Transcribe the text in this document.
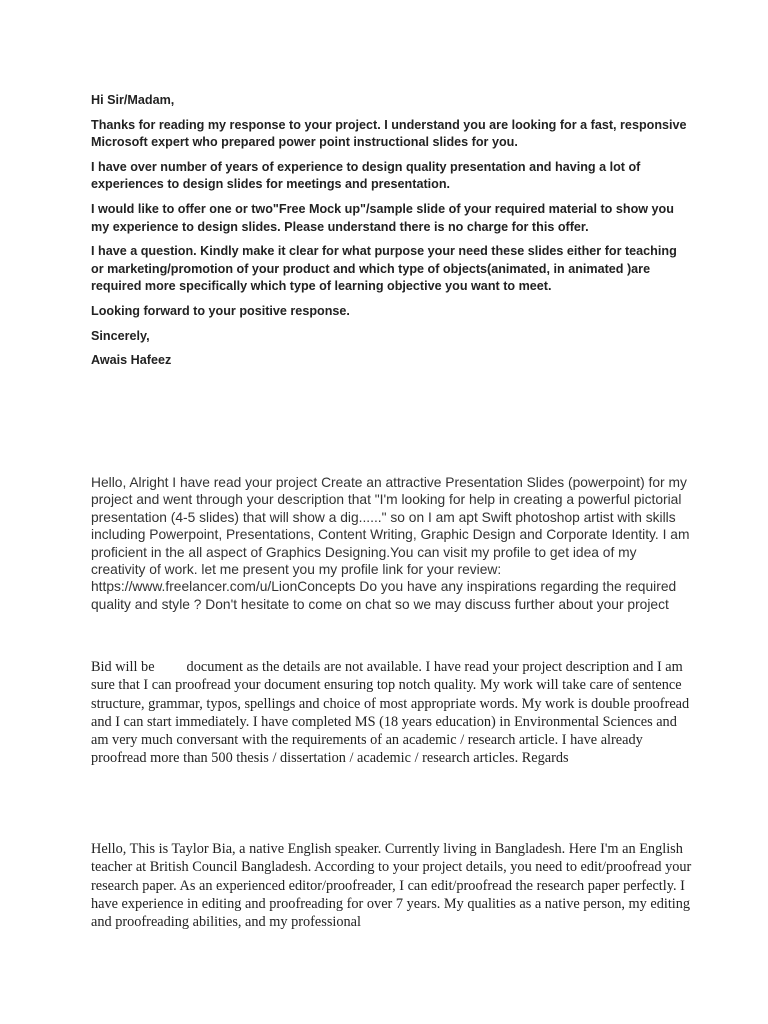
Hi Sir/Madam,

Thanks for reading my response to your project. I understand you are looking for a fast, responsive Microsoft expert who prepared power point instructional slides for you.

I have over number of years of experience to design quality presentation and having a lot of experiences to design slides for meetings and presentation.

I would like to offer one or two"Free Mock up"/sample slide of your required material to show you my experience to design slides. Please understand there is no charge for this offer.

I have a question. Kindly make it clear for what purpose your need these slides either for teaching or marketing/promotion of your product and which type of objects(animated, in animated )are required more specifically which type of learning objective you want to meet.

Looking forward to your positive response.

Sincerely,

Awais Hafeez

Hello, Alright I have read your project Create an attractive Presentation Slides (powerpoint) for my project and went through your description that "I'm looking for help in creating a powerful pictorial presentation (4-5 slides) that will show a dig......" so on I am apt Swift photoshop artist with skills including Powerpoint, Presentations, Content Writing, Graphic Design and Corporate Identity. I am proficient in the all aspect of Graphics Designing.You can visit my profile to get idea of my creativity of work. let me present you my profile link for your review: https://www.freelancer.com/u/LionConcepts Do you have any inspirations regarding the required quality and style ? Don't hesitate to come on chat so we may discuss further about your project

Bid will be document as the details are not available. I have read your project description and I am sure that I can proofread your document ensuring top notch quality. My work will take care of sentence structure, grammar, typos, spellings and choice of most appropriate words. My work is double proofread and I can start immediately. I have completed MS (18 years education) in Environmental Sciences and am very much conversant with the requirements of an academic / research article. I have already proofread more than 500 thesis / dissertation / academic / research articles. Regards

Hello, This is Taylor Bia, a native English speaker. Currently living in Bangladesh. Here I'm an English teacher at British Council Bangladesh. According to your project details, you need to edit/proofread your research paper. As an experienced editor/proofreader, I can edit/proofread the research paper perfectly. I have experience in editing and proofreading for over 7 years. My qualities as a native person, my editing and proofreading abilities, and my professional
